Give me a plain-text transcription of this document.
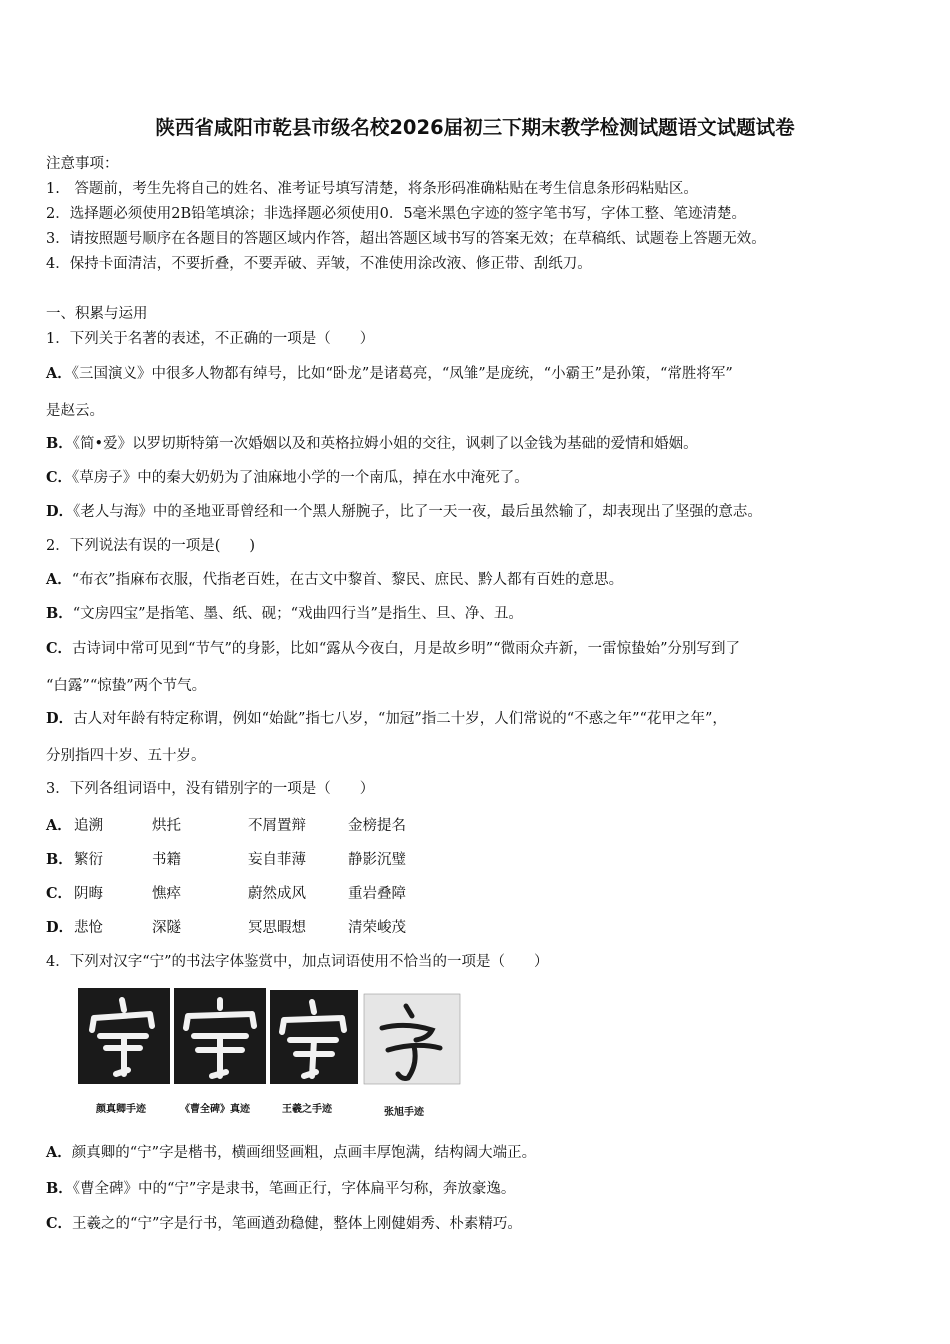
陕西省咸阳市乾县市级名校2026届初三下期末教学检测试题语文试题试卷
注意事项：
1.　答题前，考生先将自己的姓名、准考证号填写清楚，将条形码准确粘贴在考生信息条形码粘贴区。
2．选择题必须使用2B铅笔填涂；非选择题必须使用0．5毫米黑色字迹的签字笔书写，字体工整、笔迹清楚。
3．请按照题号顺序在各题目的答题区域内作答，超出答题区域书写的答案无效；在草稿纸、试题卷上答题无效。
4．保持卡面清洁，不要折叠，不要弄破、弄皱，不准使用涂改液、修正带、刮纸刀。
一、积累与运用
1．下列关于名著的表述，不正确的一项是（　　）
A．《三国演义》中很多人物都有绰号，比如“卧龙”是诸葛亮，“凤雏”是庞统，“小霸王”是孙策，“常胜将军”
是赵云。
B．《简•爱》以罗切斯特第一次婚姻以及和英格拉姆小姐的交往，讽刺了以金钱为基础的爱情和婚姻。
C．《草房子》中的秦大奶奶为了油麻地小学的一个南瓜，掉在水中淹死了。
D．《老人与海》中的圣地亚哥曾经和一个黑人掰腕子，比了一天一夜，最后虽然输了，却表现出了坚强的意志。
2．下列说法有误的一项是(　　)
A．“布衣”指麻布衣服，代指老百姓，在古文中黎首、黎民、庶民、黔人都有百姓的意思。
B．“文房四宝”是指笔、墨、纸、砚；“戏曲四行当”是指生、旦、净、丑。
C．古诗词中常可见到“节气”的身影，比如“露从今夜白，月是故乡明”“微雨众卉新，一雷惊蛰始”分别写到了
“白露”“惊蛰”两个节气。
D．古人对年龄有特定称谓，例如“始龀”指七八岁，“加冠”指二十岁，人们常说的“不惑之年”“花甲之年”，
分别指四十岁、五十岁。
3．下列各组词语中，没有错别字的一项是（　　）
A． 追溯	烘托	不屑置辩	金榜提名
B．繁衍	书籍	妄自菲薄	静影沉璧
C． 阴晦	憔瘁	蔚然成风	重岩叠障
D．悲怆	深隧	冥思暇想	清荣峻茂
4．下列对汉字“宁”的书法字体鉴赏中，加点词语使用不恰当的一项是（　　）
颜真卿手迹	《曹全碑》真迹	王羲之手迹	张旭手迹
A．颜真卿的“宁”字是楷书，横画细竖画粗，点画丰厚饱满，结构阔大端正。
B．《曹全碑》中的“宁”字是隶书，笔画正行，字体扁平匀称，奔放豪逸。
C．王羲之的“宁”字是行书，笔画遒劲稳健，整体上刚健娟秀、朴素精巧。
